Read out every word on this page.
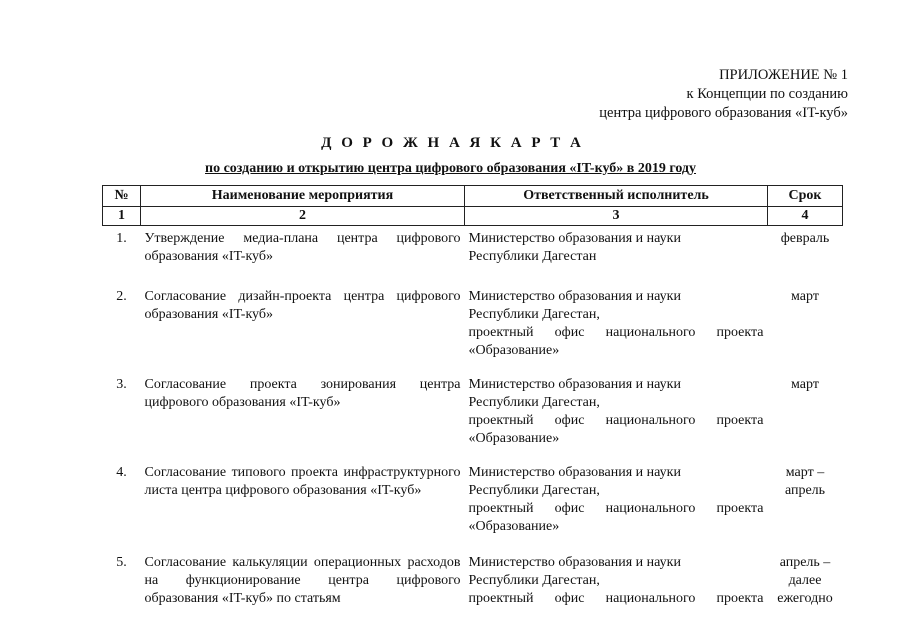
ПРИЛОЖЕНИЕ № 1
к Концепции по созданию
центра цифрового образования «IT-куб»
Д О Р О Ж Н А Я К А Р Т А
по созданию и открытию центра цифрового образования «IT-куб» в 2019 году
№	Наименование мероприятия	Ответственный исполнитель	Срок
1	2	3	4
1.	Утверждение медиа-плана центра цифрового образования «IT-куб»	Министерство образования и науки
Республики Дагестан	февраль
2.	Согласование дизайн-проекта центра цифрового образования «IT-куб»	Министерство образования и науки
Республики Дагестан,
проектный офис национального проекта
«Образование»	март
3.	Согласование проекта зонирования центра цифрового образования «IT-куб»	Министерство образования и науки
Республики Дагестан,
проектный офис национального проекта
«Образование»	март
4.	Согласование типового проекта инфраструктурного листа центра цифрового образования «IT-куб»	Министерство образования и науки
Республики Дагестан,
проектный офис национального проекта
«Образование»	март – апрель
5.	Согласование калькуляции операционных расходов на функционирование центра цифрового образования «IT-куб» по статьям	Министерство образования и науки
Республики Дагестан,
проектный офис национального проекта	апрель – далее ежегодно
